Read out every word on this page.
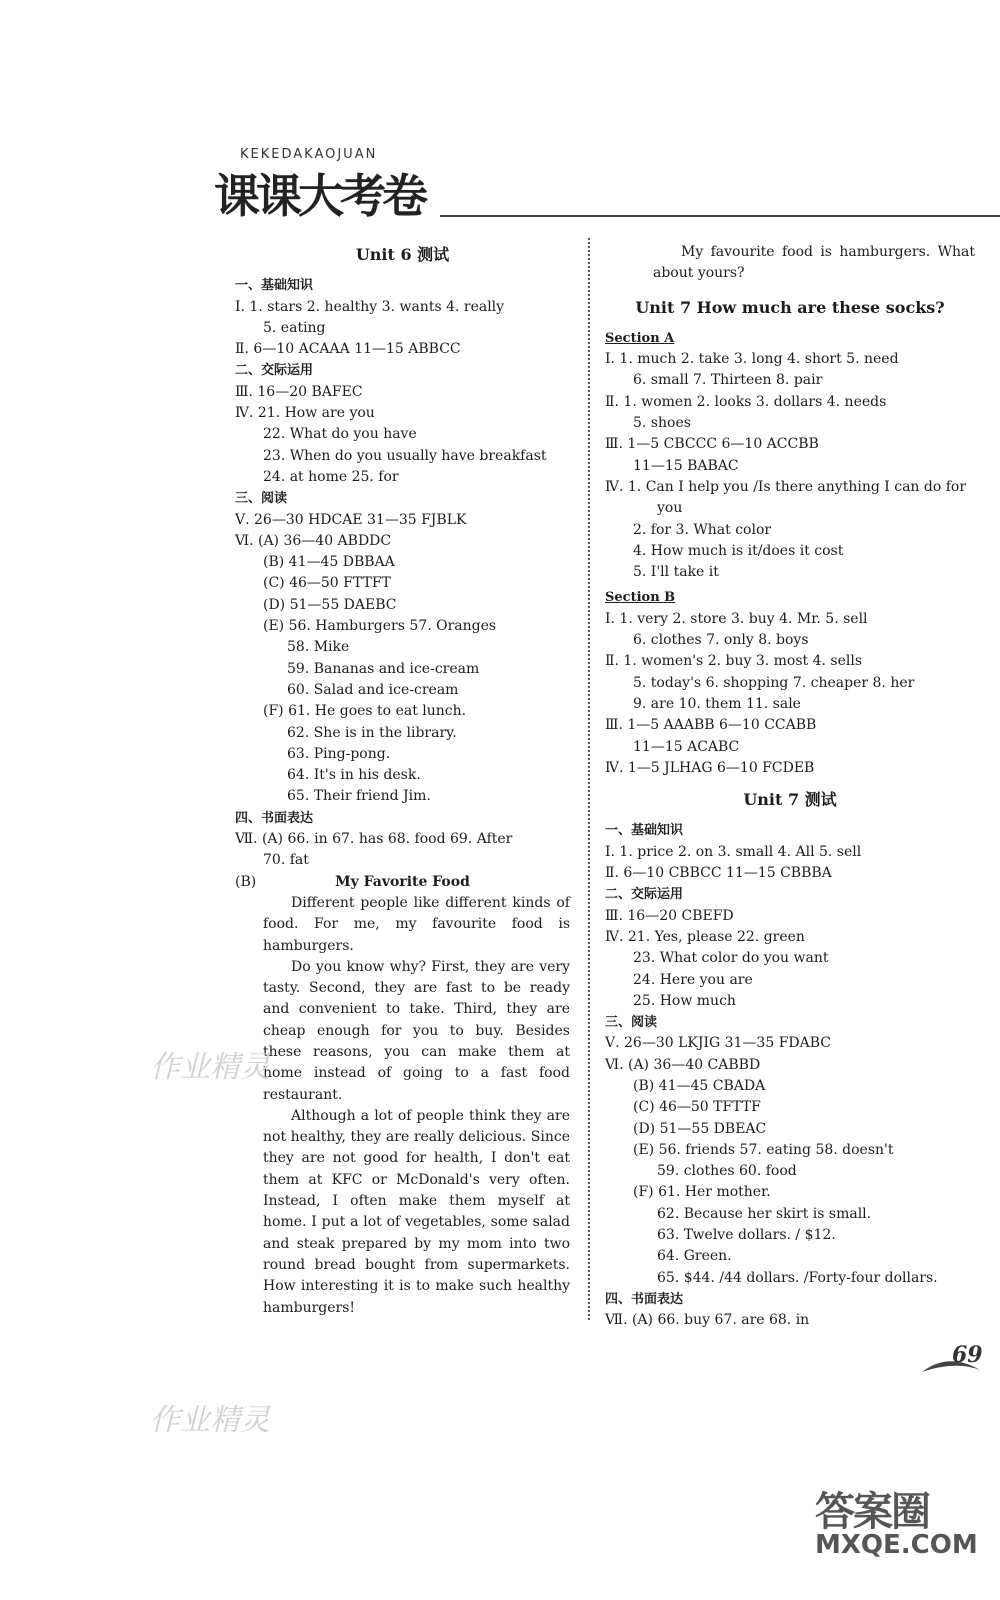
KEKEDAKAOJUAN
课课大考卷
Unit 6 测试
一、基础知识
Ⅰ. 1. stars 2. healthy 3. wants 4. really
5. eating
Ⅱ. 6—10 ACAAA 11—15 ABBCC
二、交际运用
Ⅲ. 16—20 BAFEC
Ⅳ. 21. How are you
22. What do you have
23. When do you usually have breakfast
24. at home 25. for
三、阅读
Ⅴ. 26—30 HDCAE 31—35 FJBLK
Ⅵ. (A) 36—40 ABDDC
(B) 41—45 DBBAA
(C) 46—50 FTTFT
(D) 51—55 DAEBC
(E) 56. Hamburgers 57. Oranges
58. Mike
59. Bananas and ice-cream
60. Salad and ice-cream
(F) 61. He goes to eat lunch.
62. She is in the library.
63. Ping-pong.
64. It's in his desk.
65. Their friend Jim.
四、书面表达
Ⅶ. (A) 66. in 67. has 68. food 69. After
70. fat
(B)	My Favorite Food
Different people like different kinds of food. For me, my favourite food is hamburgers.
Do you know why? First, they are very tasty. Second, they are fast to be ready and convenient to take. Third, they are cheap enough for you to buy. Besides these reasons, you can make them at home instead of going to a fast food restaurant.
Although a lot of people think they are not healthy, they are really delicious. Since they are not good for health, I don't eat them at KFC or McDonald's very often. Instead, I often make them myself at home. I put a lot of vegetables, some salad and steak prepared by my mom into two round bread bought from supermarkets. How interesting it is to make such healthy hamburgers!
My favourite food is hamburgers. What about yours?
Unit 7 How much are these socks?
Section A
Ⅰ. 1. much 2. take 3. long 4. short 5. need
6. small 7. Thirteen 8. pair
Ⅱ. 1. women 2. looks 3. dollars 4. needs
5. shoes
Ⅲ. 1—5 CBCCC 6—10 ACCBB
11—15 BABAC
Ⅳ. 1. Can I help you /Is there anything I can do for
you
2. for 3. What color
4. How much is it/does it cost
5. I'll take it
Section B
Ⅰ. 1. very 2. store 3. buy 4. Mr. 5. sell
6. clothes 7. only 8. boys
Ⅱ. 1. women's 2. buy 3. most 4. sells
5. today's 6. shopping 7. cheaper 8. her
9. are 10. them 11. sale
Ⅲ. 1—5 AAABB 6—10 CCABB
11—15 ACABC
Ⅳ. 1—5 JLHAG 6—10 FCDEB
Unit 7 测试
一、基础知识
Ⅰ. 1. price 2. on 3. small 4. All 5. sell
Ⅱ. 6—10 CBBCC 11—15 CBBBA
二、交际运用
Ⅲ. 16—20 CBEFD
Ⅳ. 21. Yes, please 22. green
23. What color do you want
24. Here you are
25. How much
三、阅读
Ⅴ. 26—30 LKJIG 31—35 FDABC
Ⅵ. (A) 36—40 CABBD
(B) 41—45 CBADA
(C) 46—50 TFTTF
(D) 51—55 DBEAC
(E) 56. friends 57. eating 58. doesn't
59. clothes 60. food
(F) 61. Her mother.
62. Because her skirt is small.
63. Twelve dollars. / $12.
64. Green.
65. $44. /44 dollars. /Forty-four dollars.
四、书面表达
Ⅶ. (A) 66. buy 67. are 68. in
作业精灵
作业精灵
69
答案圈
MXQE.COM
